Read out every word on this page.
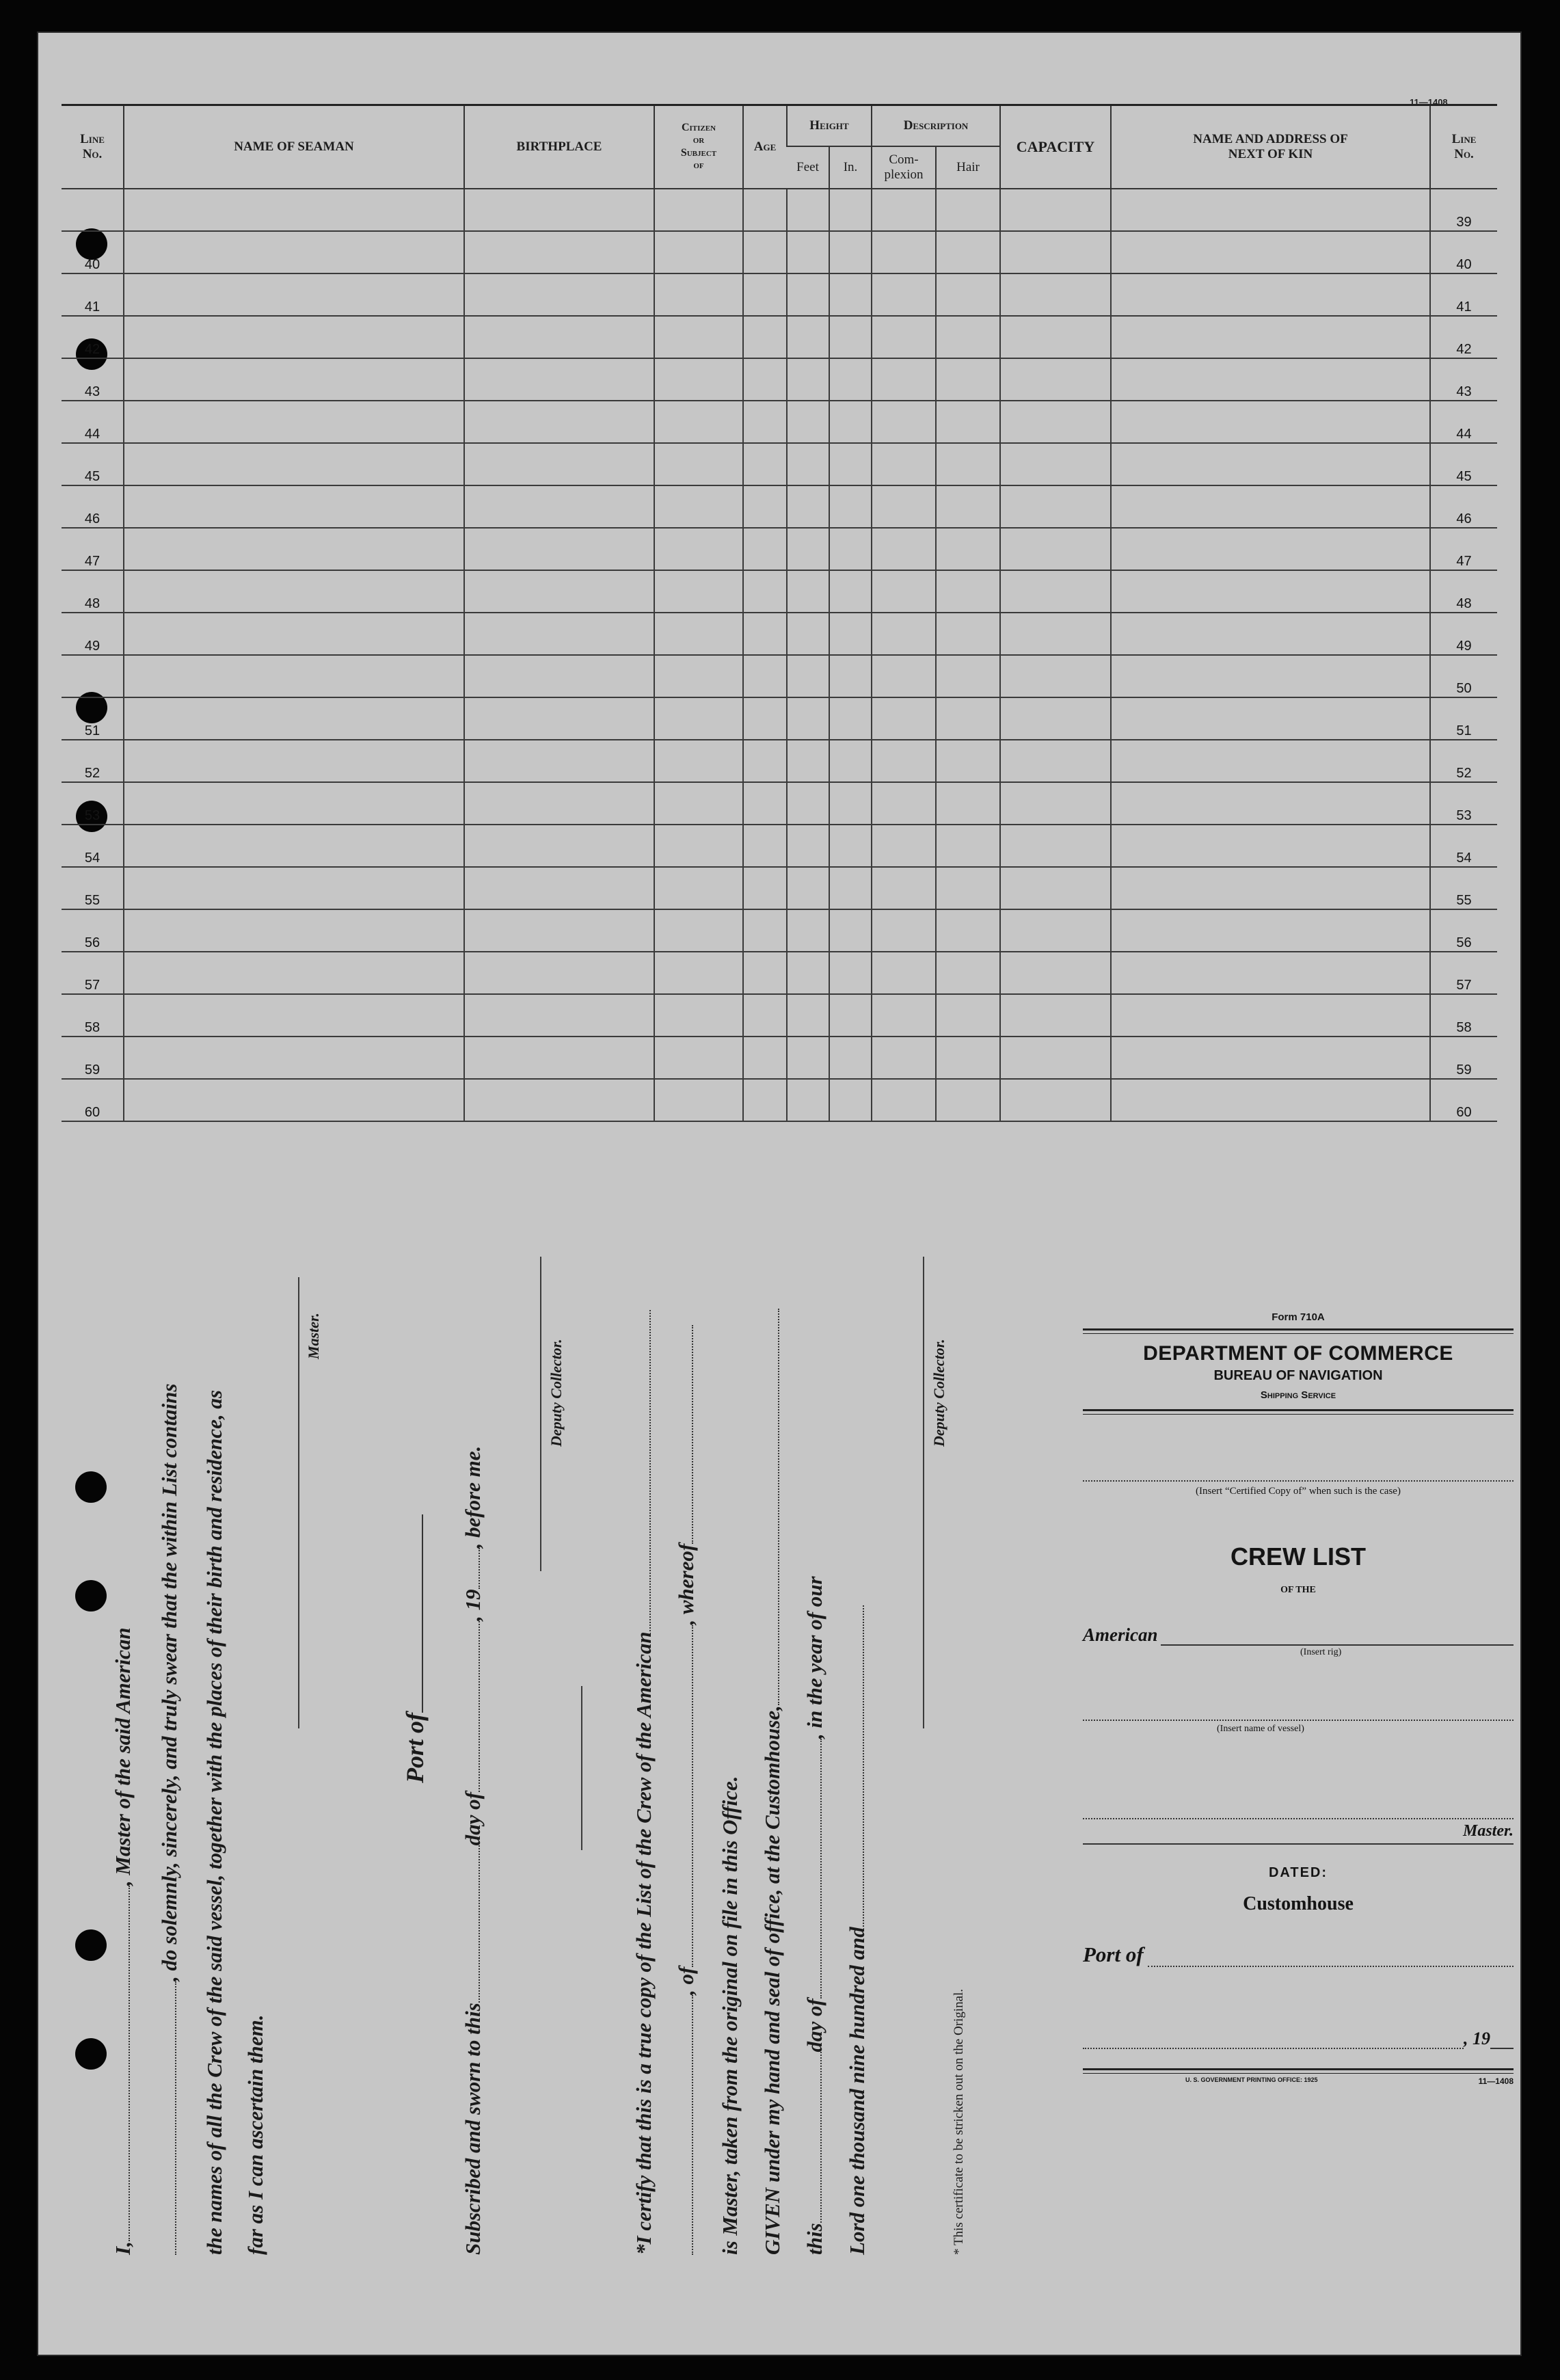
11—1408
Line
No.	NAME OF SEAMAN	BIRTHPLACE	Citizen
or
Subject
of	Age	Height		Description		CAPACITY	NAME AND ADDRESS OF
NEXT OF KIN	Line
No.
					Feet	In.	Com-
plexion	Hair			
											39
40											40
41											41
42											42
43											43
44											44
45											45
46											46
47											47
48											48
49											49
											50
51											51
52											52
53											53
54											54
55											55
56											56
57											57
58											58
59											59
60											60
I,, Master of the said American , do solemnly, sincerely, and truly swear that the within List contains the names of all the Crew of the said vessel, together with the places of their birth and residence, as far as I can ascertain them.
Master.
Port of
Subscribed and sworn to thisday of, 19, before me.
Deputy Collector.
*I certify that this is a true copy of the List of the Crew of the American , of, whereof
is Master, taken from the original on file in this Office. GIVEN under my hand and seal of office, at the Customhouse, thisday of, in the year of our
Lord one thousand nine hundred and
Deputy Collector.
* This certificate to be stricken out on the Original.
Form 710A
DEPARTMENT OF COMMERCE
BUREAU OF NAVIGATION
Shipping Service
(Insert “Certified Copy of” when such is the case)
CREW LIST
OF THE
American
(Insert rig)
(Insert name of vessel)
Master.
DATED:
Customhouse
Port of
, 19
U. S. GOVERNMENT PRINTING OFFICE: 1925	11—1408
